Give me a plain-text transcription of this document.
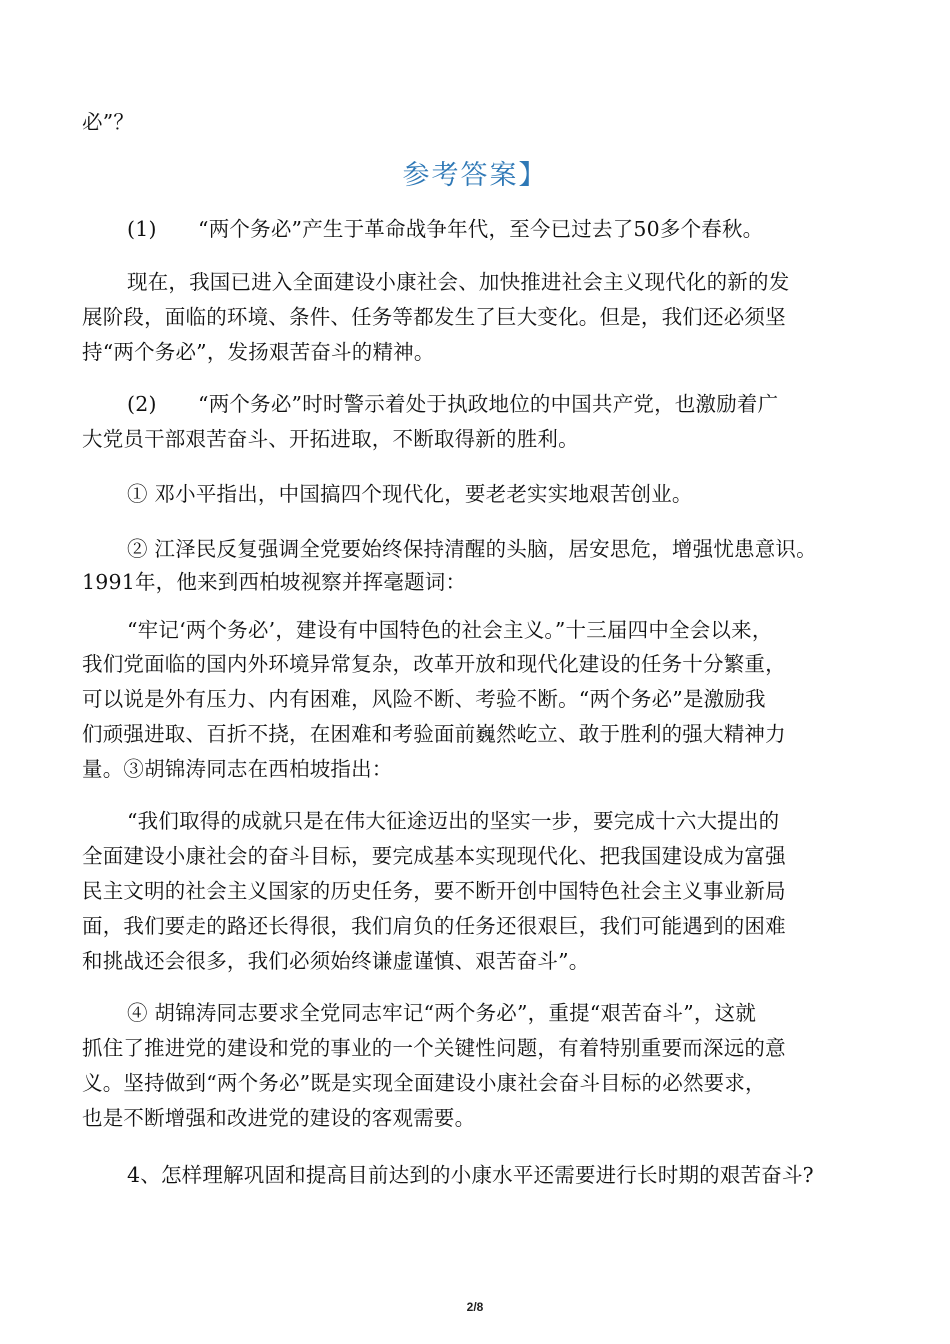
必”？
参考答案】
(1)　　“两个务必”产生于革命战争年代，至今已过去了50多个春秋。
现在，我国已进入全面建设小康社会、加快推进社会主义现代化的新的发
展阶段，面临的环境、条件、任务等都发生了巨大变化。但是，我们还必须坚
持“两个务必”，发扬艰苦奋斗的精神。
(2)　　“两个务必”时时警示着处于执政地位的中国共产党，也激励着广
大党员干部艰苦奋斗、开拓进取，不断取得新的胜利。
① 邓小平指出，中国搞四个现代化，要老老实实地艰苦创业。
② 江泽民反复强调全党要始终保持清醒的头脑，居安思危，增强忧患意识。
1991年，他来到西柏坡视察并挥毫题词：
“牢记‘两个务必’，建设有中国特色的社会主义。”十三届四中全会以来，
我们党面临的国内外环境异常复杂，改革开放和现代化建设的任务十分繁重，
可以说是外有压力、内有困难，风险不断、考验不断。“两个务必”是激励我
们顽强进取、百折不挠，在困难和考验面前巍然屹立、敢于胜利的强大精神力
量。③胡锦涛同志在西柏坡指出：
“我们取得的成就只是在伟大征途迈出的坚实一步，要完成十六大提出的
全面建设小康社会的奋斗目标，要完成基本实现现代化、把我国建设成为富强
民主文明的社会主义国家的历史任务，要不断开创中国特色社会主义事业新局
面，我们要走的路还长得很，我们肩负的任务还很艰巨，我们可能遇到的困难
和挑战还会很多，我们必须始终谦虚谨慎、艰苦奋斗”。
④ 胡锦涛同志要求全党同志牢记“两个务必”，重提“艰苦奋斗”，这就
抓住了推进党的建设和党的事业的一个关键性问题，有着特别重要而深远的意
义。坚持做到“两个务必”既是实现全面建设小康社会奋斗目标的必然要求，
也是不断增强和改进党的建设的客观需要。
4、怎样理解巩固和提高目前达到的小康水平还需要进行长时期的艰苦奋斗?
2/8
